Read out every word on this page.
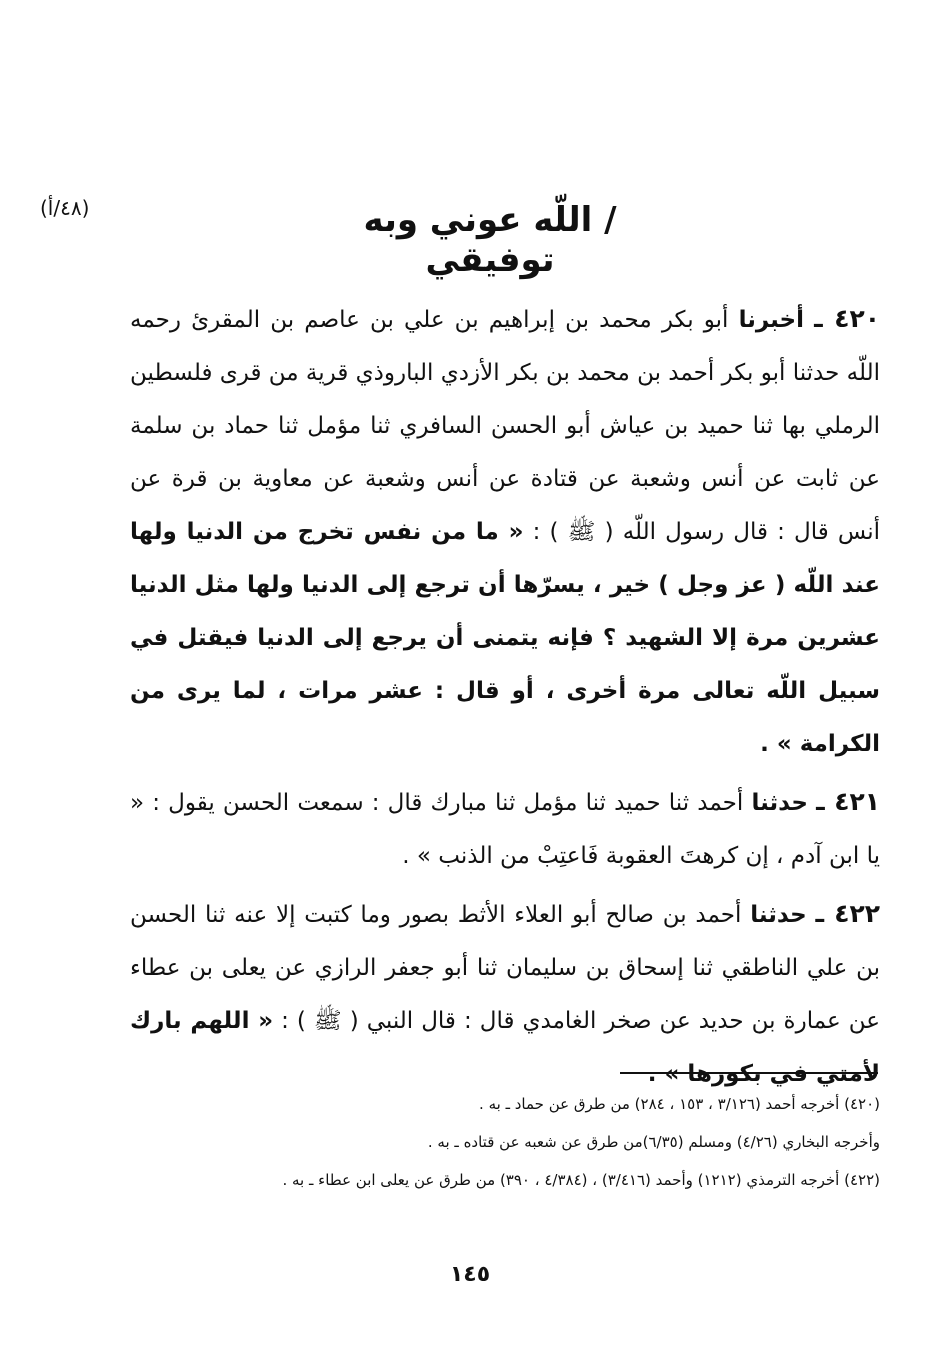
(٤٨/أ)	/ اللّه عوني وبه توفيقي

٤٢٠ ـ أخبرنا أبو بكر محمد بن إبراهيم بن علي بن عاصم بن المقرئ رحمه اللّه حدثنا أبو بكر أحمد بن محمد بن بكر الأزدي الباروذي قرية من قرى فلسطين الرملي بها ثنا حميد بن عياش أبو الحسن السافري ثنا مؤمل ثنا حماد بن سلمة عن ثابت عن أنس وشعبة عن قتادة عن أنس وشعبة عن معاوية بن قرة عن أنس قال : قال رسول اللّه ( ﷺ ) : « ما من نفس تخرج من الدنيا ولها عند اللّه ( عز وجل ) خير ، يسرّها أن ترجع إلى الدنيا ولها مثل الدنيا عشرين مرة إلا الشهيد ؟ فإنه يتمنى أن يرجع إلى الدنيا فيقتل في سبيل اللّه تعالى مرة أخرى ، أو قال : عشر مرات ، لما يرى من الكرامة » .

٤٢١ ـ حدثنا أحمد ثنا حميد ثنا مؤمل ثنا مبارك قال : سمعت الحسن يقول : « يا ابن آدم ، إن كرهتَ العقوبة فَاعتِبْ من الذنب » .

٤٢٢ ـ حدثنا أحمد بن صالح أبو العلاء الأثط بصور وما كتبت إلا عنه ثنا الحسن بن علي الناطقي ثنا إسحاق بن سليمان ثنا أبو جعفر الرازي عن يعلى بن عطاء عن عمارة بن حديد عن صخر الغامدي قال : قال النبي ( ﷺ ) : « اللهم بارك لأمتي في بكورها » .

(٤٢٠) أخرجه أحمد (٣/١٢٦ ، ١٥٣ ، ٢٨٤) من طرق عن حماد ـ به .

وأخرجه البخاري (٤/٢٦) ومسلم (٦/٣٥)من طرق عن شعبه عن قتاده ـ به .

(٤٢٢) أخرجه الترمذي (١٢١٢) وأحمد (٣/٤١٦) ، (٤/٣٨٤ ، ٣٩٠) من طرق عن يعلى ابن عطاء ـ به .

١٤٥
